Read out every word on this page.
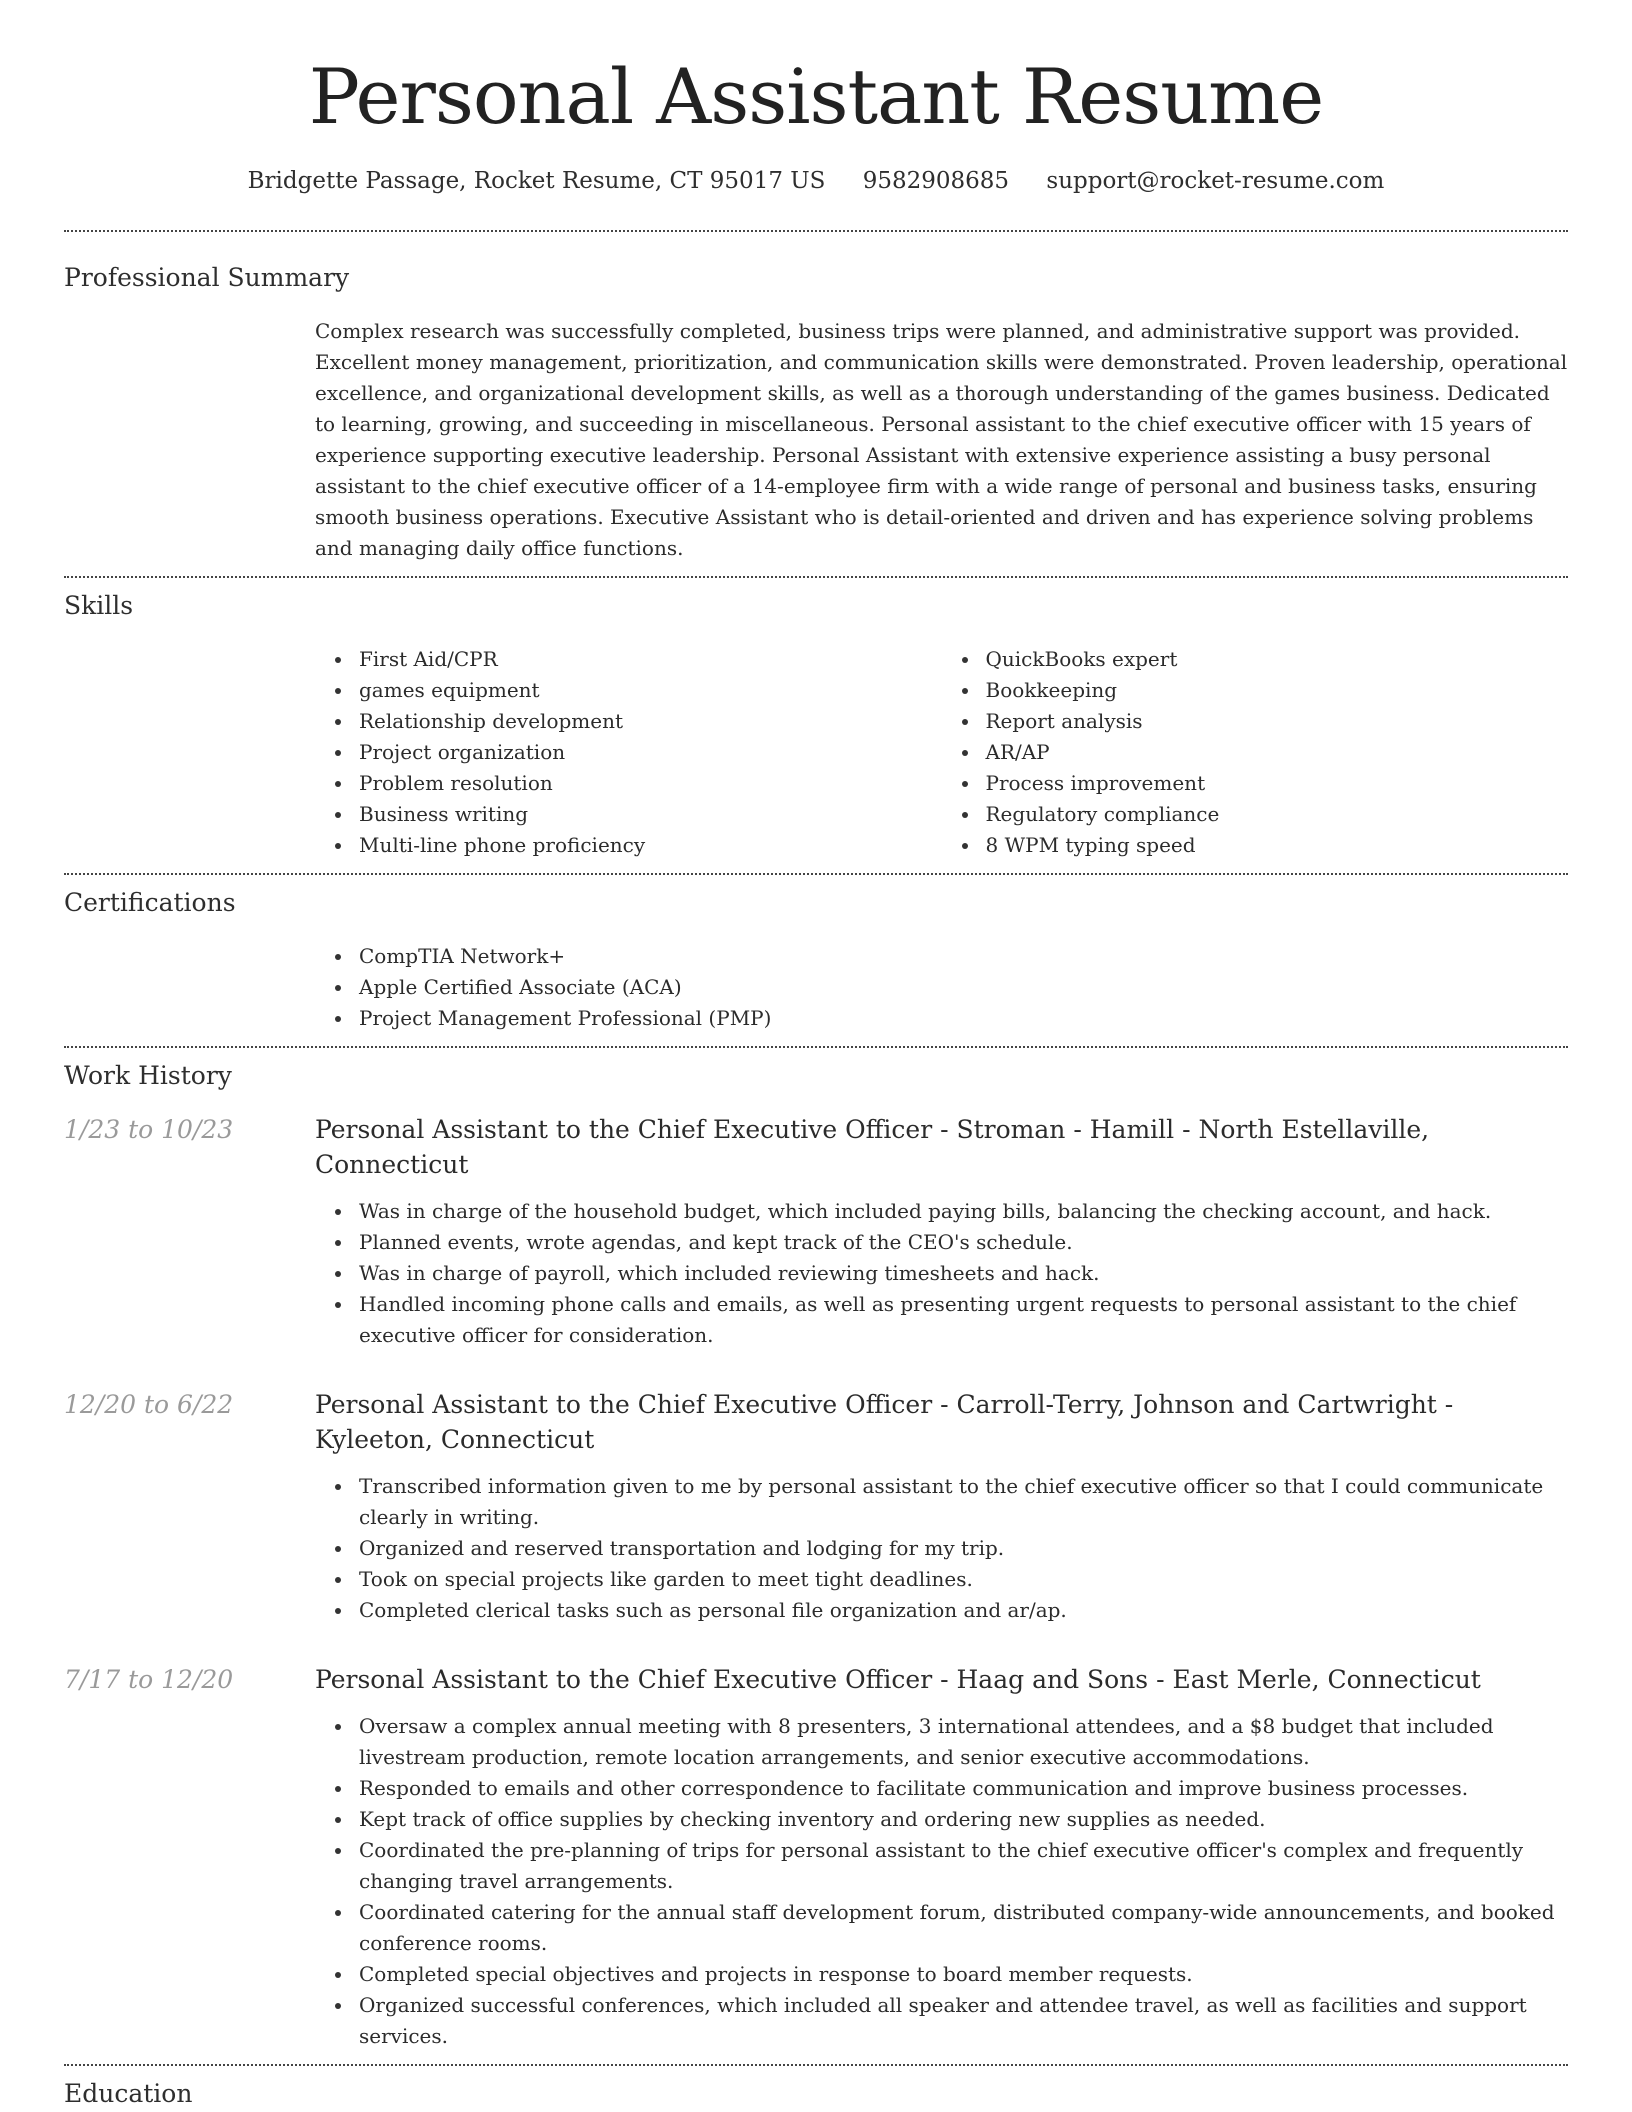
Personal Assistant Resume
Bridgette Passage, Rocket Resume, CT 95017 US 9582908685 support@rocket-resume.com
Professional Summary

Complex research was successfully completed, business trips were planned, and administrative support was provided. Excellent money management, prioritization, and communication skills were demonstrated. Proven leadership, operational excellence, and organizational development skills, as well as a thorough understanding of the games business. Dedicated to learning, growing, and succeeding in miscellaneous. Personal assistant to the chief executive officer with 15 years of experience supporting executive leadership. Personal Assistant with extensive experience assisting a busy personal assistant to the chief executive officer of a 14-employee firm with a wide range of personal and business tasks, ensuring smooth business operations. Executive Assistant who is detail-oriented and driven and has experience solving problems and managing daily office functions.

Skills
First Aid/CPR
games equipment
Relationship development
Project organization
Problem resolution
Business writing
Multi-line phone proficiency
QuickBooks expert
Bookkeeping
Report analysis
AR/AP
Process improvement
Regulatory compliance
8 WPM typing speed
Certifications
CompTIA Network+
Apple Certified Associate (ACA)
Project Management Professional (PMP)
Work History
1/23 to 10/23	Personal Assistant to the Chief Executive Officer - Stroman - Hamill - North Estellaville, Connecticut
Was in charge of the household budget, which included paying bills, balancing the checking account, and hack.
Planned events, wrote agendas, and kept track of the CEO's schedule.
Was in charge of payroll, which included reviewing timesheets and hack.
Handled incoming phone calls and emails, as well as presenting urgent requests to personal assistant to the chief executive officer for consideration.
12/20 to 6/22	Personal Assistant to the Chief Executive Officer - Carroll-Terry, Johnson and Cartwright - Kyleeton, Connecticut
Transcribed information given to me by personal assistant to the chief executive officer so that I could communicate clearly in writing.
Organized and reserved transportation and lodging for my trip.
Took on special projects like garden to meet tight deadlines.
Completed clerical tasks such as personal file organization and ar/ap.
7/17 to 12/20	Personal Assistant to the Chief Executive Officer - Haag and Sons - East Merle, Connecticut
Oversaw a complex annual meeting with 8 presenters, 3 international attendees, and a $8 budget that included livestream production, remote location arrangements, and senior executive accommodations.
Responded to emails and other correspondence to facilitate communication and improve business processes.
Kept track of office supplies by checking inventory and ordering new supplies as needed.
Coordinated the pre-planning of trips for personal assistant to the chief executive officer's complex and frequently changing travel arrangements.
Coordinated catering for the annual staff development forum, distributed company-wide announcements, and booked conference rooms.
Completed special objectives and projects in response to board member requests.
Organized successful conferences, which included all speaker and attendee travel, as well as facilities and support services.
Education
